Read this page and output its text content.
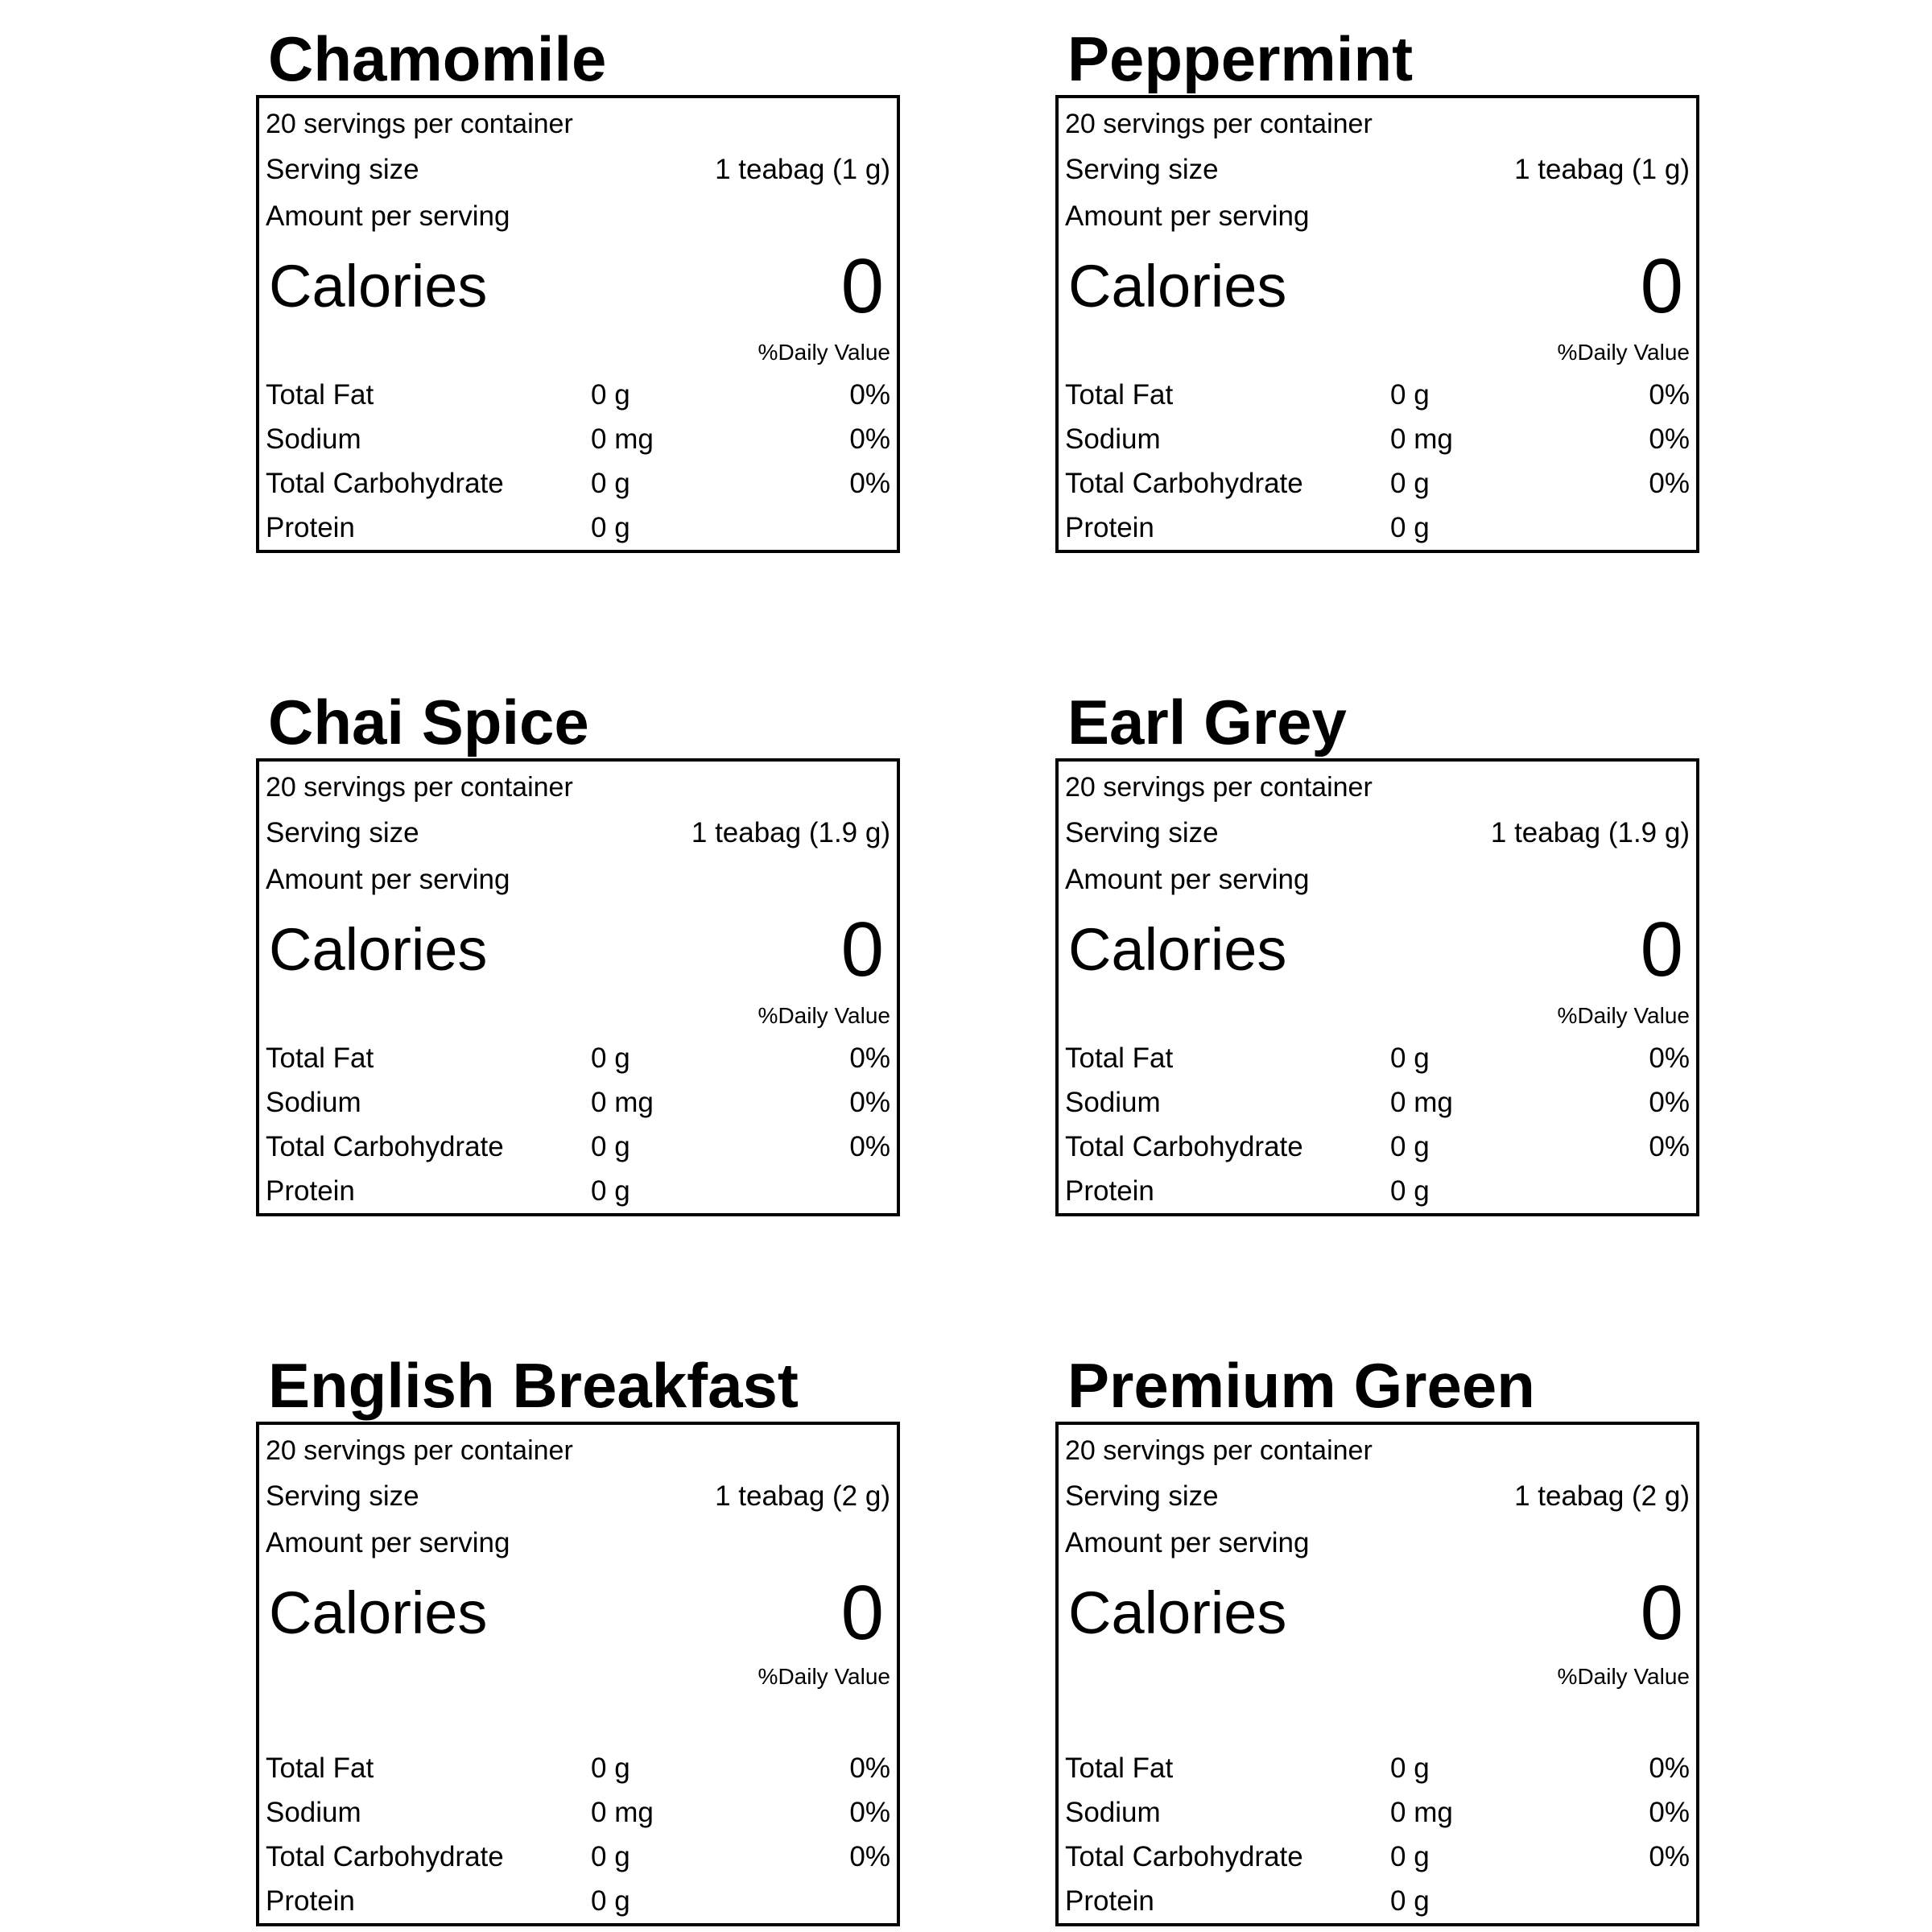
Chamomile
20 servings per container
Serving size	1 teabag (1 g)
Amount per serving
Calories	0
%Daily Value
Total Fat	0 g	0%
Sodium	0 mg	0%
Total Carbohydrate	0 g	0%
Protein	0 g
Peppermint
20 servings per container
Serving size	1 teabag (1 g)
Amount per serving
Calories	0
%Daily Value
Total Fat	0 g	0%
Sodium	0 mg	0%
Total Carbohydrate	0 g	0%
Protein	0 g
Chai Spice
20 servings per container
Serving size	1 teabag (1.9 g)
Amount per serving
Calories	0
%Daily Value
Total Fat	0 g	0%
Sodium	0 mg	0%
Total Carbohydrate	0 g	0%
Protein	0 g
Earl Grey
20 servings per container
Serving size	1 teabag (1.9 g)
Amount per serving
Calories	0
%Daily Value
Total Fat	0 g	0%
Sodium	0 mg	0%
Total Carbohydrate	0 g	0%
Protein	0 g
English Breakfast
20 servings per container
Serving size	1 teabag (2 g)
Amount per serving
Calories	0
%Daily Value
Total Fat	0 g	0%
Sodium	0 mg	0%
Total Carbohydrate	0 g	0%
Protein	0 g
Premium Green
20 servings per container
Serving size	1 teabag (2 g)
Amount per serving
Calories	0
%Daily Value
Total Fat	0 g	0%
Sodium	0 mg	0%
Total Carbohydrate	0 g	0%
Protein	0 g
